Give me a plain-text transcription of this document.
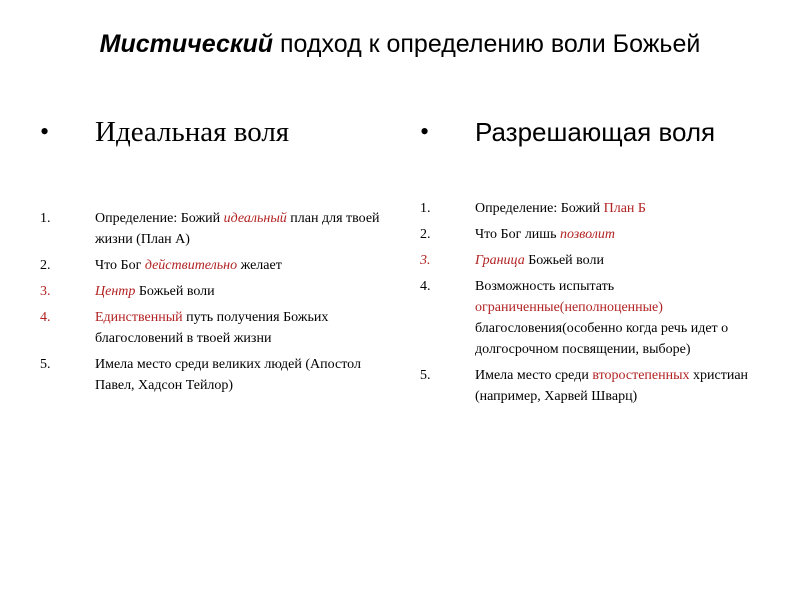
Мистический подход к определению воли Божьей
• Идеальная воля
1.	Определение: Божий идеальный план для твоей жизни (План А)
2.	Что Бог действительно желает
3.	Центр Божьей воли
4.	Единственный путь получения Божьих благословений в твоей жизни
5.	Имела место среди великих людей (Апостол Павел, Хадсон Тейлор)
• Разрешающая воля
1.	Определение: Божий План Б
2.	Что Бог лишь позволит
3.	Граница Божьей воли
4.	Возможность испытать ограниченные(неполноценные) благословения(особенно когда речь идет о долгосрочном посвящении, выборе)
5.	Имела место среди второстепенных христиан (например, Харвей Шварц)
